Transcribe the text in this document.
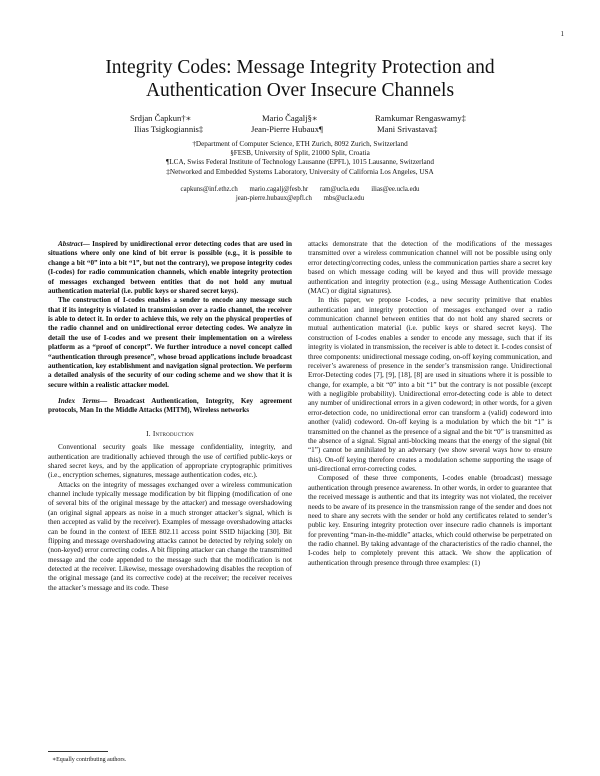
1
Integrity Codes: Message Integrity Protection and
Authentication Over Insecure Channels
Srdjan Čapkun†∗	Mario Čagalj§∗	Ramkumar Rengaswamy‡
Ilias Tsigkogiannis‡	Jean-Pierre Hubaux¶	Mani Srivastava‡
†Department of Computer Science, ETH Zurich, 8092 Zurich, Switzerland
§FESB, University of Split, 21000 Split, Croatia
¶LCA, Swiss Federal Institute of Technology Lausanne (EPFL), 1015 Lausanne, Switzerland
‡Networked and Embedded Systems Laboratory, University of California Los Angeles, USA
capkuns@inf.ethz.ch mario.cagalj@fesb.hr ram@ucla.edu ilias@ee.ucla.edu
jean-pierre.hubaux@epfl.ch mbs@ucla.edu

Abstract— Inspired by unidirectional error detecting codes that are used in situations where only one kind of bit error is possible (e.g., it is possible to change a bit “0” into a bit “1”, but not the contrary), we propose integrity codes (I-codes) for radio communication channels, which enable integrity protection of messages exchanged between entities that do not hold any mutual authentication material (i.e. public keys or shared secret keys).

The construction of I-codes enables a sender to encode any message such that if its integrity is violated in transmission over a radio channel, the receiver is able to detect it. In order to achieve this, we rely on the physical properties of the radio channel and on unidirectional error detecting codes. We analyze in detail the use of I-codes and we present their implementation on a wireless platform as a “proof of concept”. We further introduce a novel concept called “authentication through presence”, whose broad applications include broadcast authentication, key establishment and navigation signal protection. We perform a detailed analysis of the security of our coding scheme and we show that it is secure within a realistic attacker model.

Index Terms— Broadcast Authentication, Integrity, Key agreement protocols, Man In the Middle Attacks (MITM), Wireless networks
I. Introduction

Conventional security goals like message confidentiality, integrity, and authentication are traditionally achieved through the use of certified public-keys or shared secret keys, and by the application of appropriate cryptographic primitives (i.e., encryption schemes, signatures, message authentication codes, etc.).

Attacks on the integrity of messages exchanged over a wireless communication channel include typically message modification by bit flipping (modification of one of several bits of the original message by the attacker) and message overshadowing (an original signal appears as noise in a much stronger attacker’s signal, which is then accepted as valid by the receiver). Examples of message overshadowing attacks can be found in the context of IEEE 802.11 access point SSID hijacking [30]. Bit flipping and message overshadowing attacks cannot be detected by relying solely on (non-keyed) error correcting codes. A bit flipping attacker can change the transmitted message and the code appended to the message such that the modification is not detected at the receiver. Likewise, message overshadowing disables the reception of the original message (and its corrective code) at the receiver; the receiver receives the attacker’s message and its code. These

attacks demonstrate that the detection of the modifications of the messages transmitted over a wireless communication channel will not be possible using only error detecting/correcting codes, unless the communication parties share a secret key based on which message coding will be keyed and thus will provide message authentication and integrity protection (e.g., using Message Authentication Codes (MAC) or digital signatures).

In this paper, we propose I-codes, a new security primitive that enables authentication and integrity protection of messages exchanged over a radio communication channel between entities that do not hold any shared secrets or mutual authentication material (i.e. public keys or shared secret keys). The construction of I-codes enables a sender to encode any message, such that if its integrity is violated in transmission, the receiver is able to detect it. I-codes consist of three components: unidirectional message coding, on-off keying communication, and receiver’s awareness of presence in the sender’s transmission range. Unidirectional Error-Detecting codes [7], [9], [18], [8] are used in situations where it is possible to change, for example, a bit “0” into a bit “1” but the contrary is not possible (except with a negligible probability). Unidirectional error-detecting code is able to detect any number of unidirectional errors in a given codeword; in other words, for a given error-detection code, no unidirectional error can transform a (valid) codeword into another (valid) codeword. On-off keying is a modulation by which the bit “1” is transmitted on the channel as the presence of a signal and the bit “0” is transmitted as the absence of a signal. Signal anti-blocking means that the energy of the signal (bit “1”) cannot be annihilated by an adversary (we show several ways how to ensure this). On-off keying therefore creates a modulation scheme supporting the usage of uni-directional error-correcting codes.

Composed of these three components, I-codes enable (broadcast) message authentication through presence awareness. In other words, in order to guarantee that the received message is authentic and that its integrity was not violated, the receiver needs to be aware of its presence in the transmission range of the sender and does not need to share any secrets with the sender or hold any certificates related to sender’s public key. Ensuring integrity protection over insecure radio channels is important for preventing “man-in-the-middle” attacks, which could otherwise be perpetrated on the radio channel. By taking advantage of the characteristics of the radio channel, the I-codes help to completely prevent this attack. We show the application of authentication through presence through three examples: (1)

∗Equally contributing authors.
